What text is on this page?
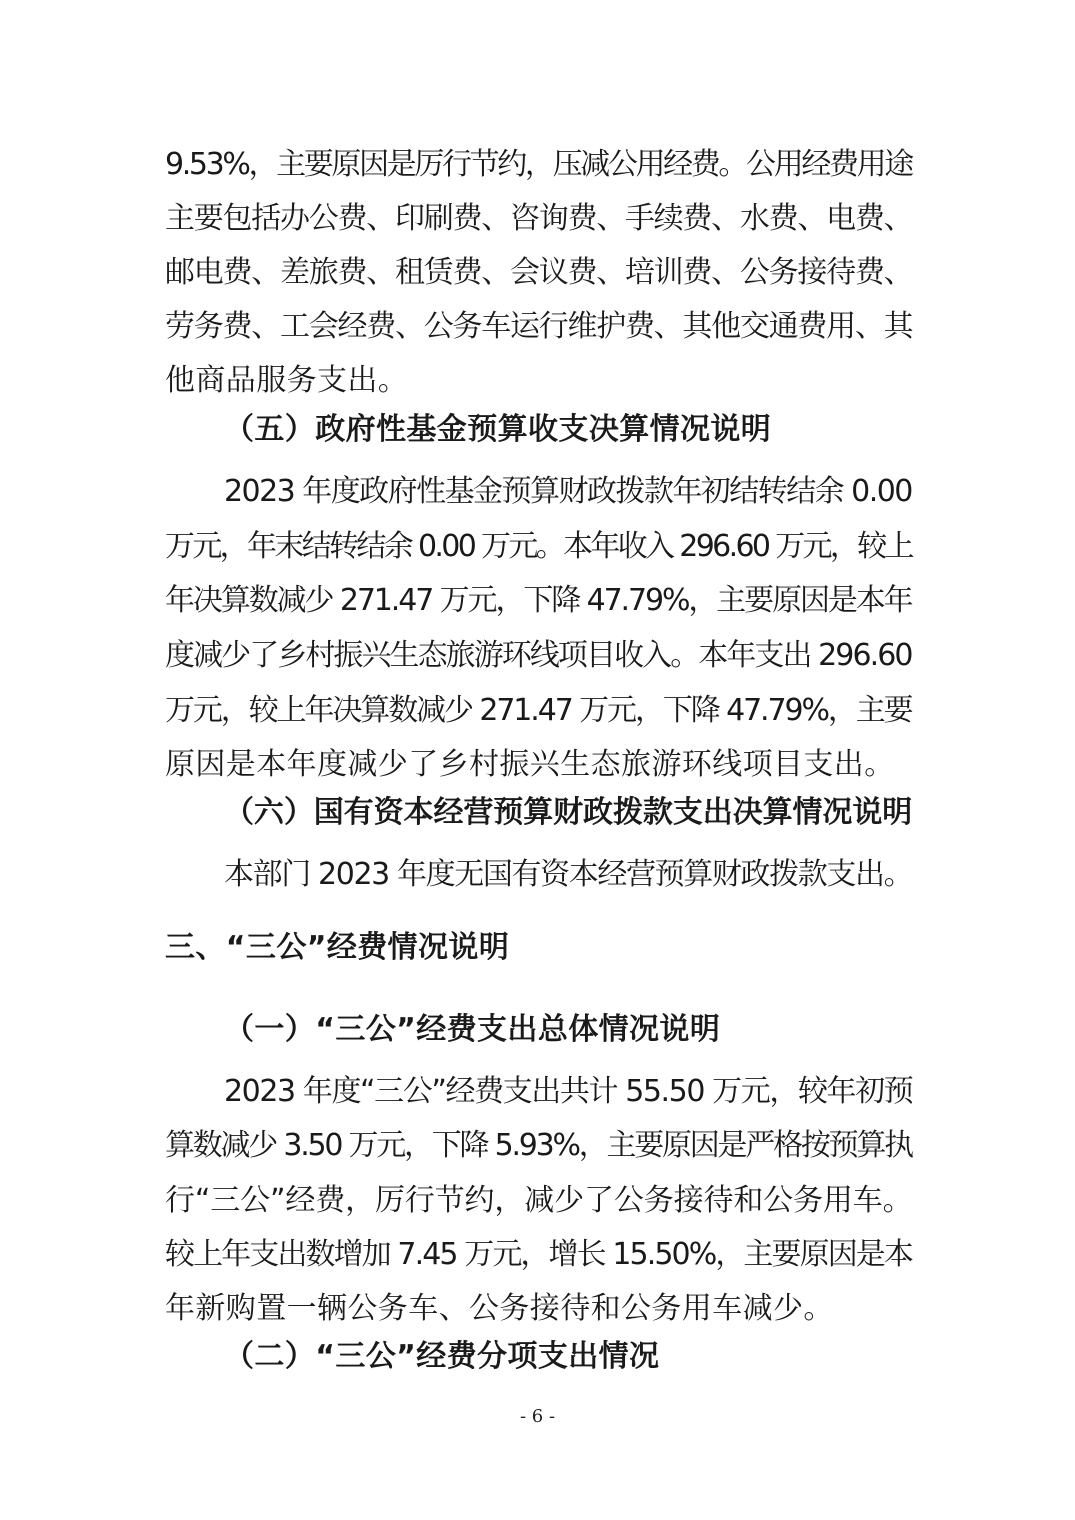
9.53%，主要原因是厉行节约，压减公用经费。公用经费用途
主要包括办公费、印刷费、咨询费、手续费、水费、电费、
邮电费、差旅费、租赁费、会议费、培训费、公务接待费、
劳务费、工会经费、公务车运行维护费、其他交通费用、其
他商品服务支出。
（五）政府性基金预算收支决算情况说明
2023 年度政府性基金预算财政拨款年初结转结余 0.00
万元，年末结转结余 0.00 万元。本年收入 296.60 万元，较上
年决算数减少 271.47 万元，下降 47.79%，主要原因是本年
度减少了乡村振兴生态旅游环线项目收入。本年支出 296.60
万元，较上年决算数减少 271.47 万元，下降 47.79%，主要
原因是本年度减少了乡村振兴生态旅游环线项目支出。
（六）国有资本经营预算财政拨款支出决算情况说明
本部门 2023 年度无国有资本经营预算财政拨款支出。
三、“三公”经费情况说明
（一）“三公”经费支出总体情况说明
2023 年度“三公”经费支出共计 55.50 万元，较年初预
算数减少 3.50 万元，下降 5.93%，主要原因是严格按预算执
行“三公”经费，厉行节约，减少了公务接待和公务用车。
较上年支出数增加 7.45 万元，增长 15.50%，主要原因是本
年新购置一辆公务车、公务接待和公务用车减少。
（二）“三公”经费分项支出情况
- 6 -
